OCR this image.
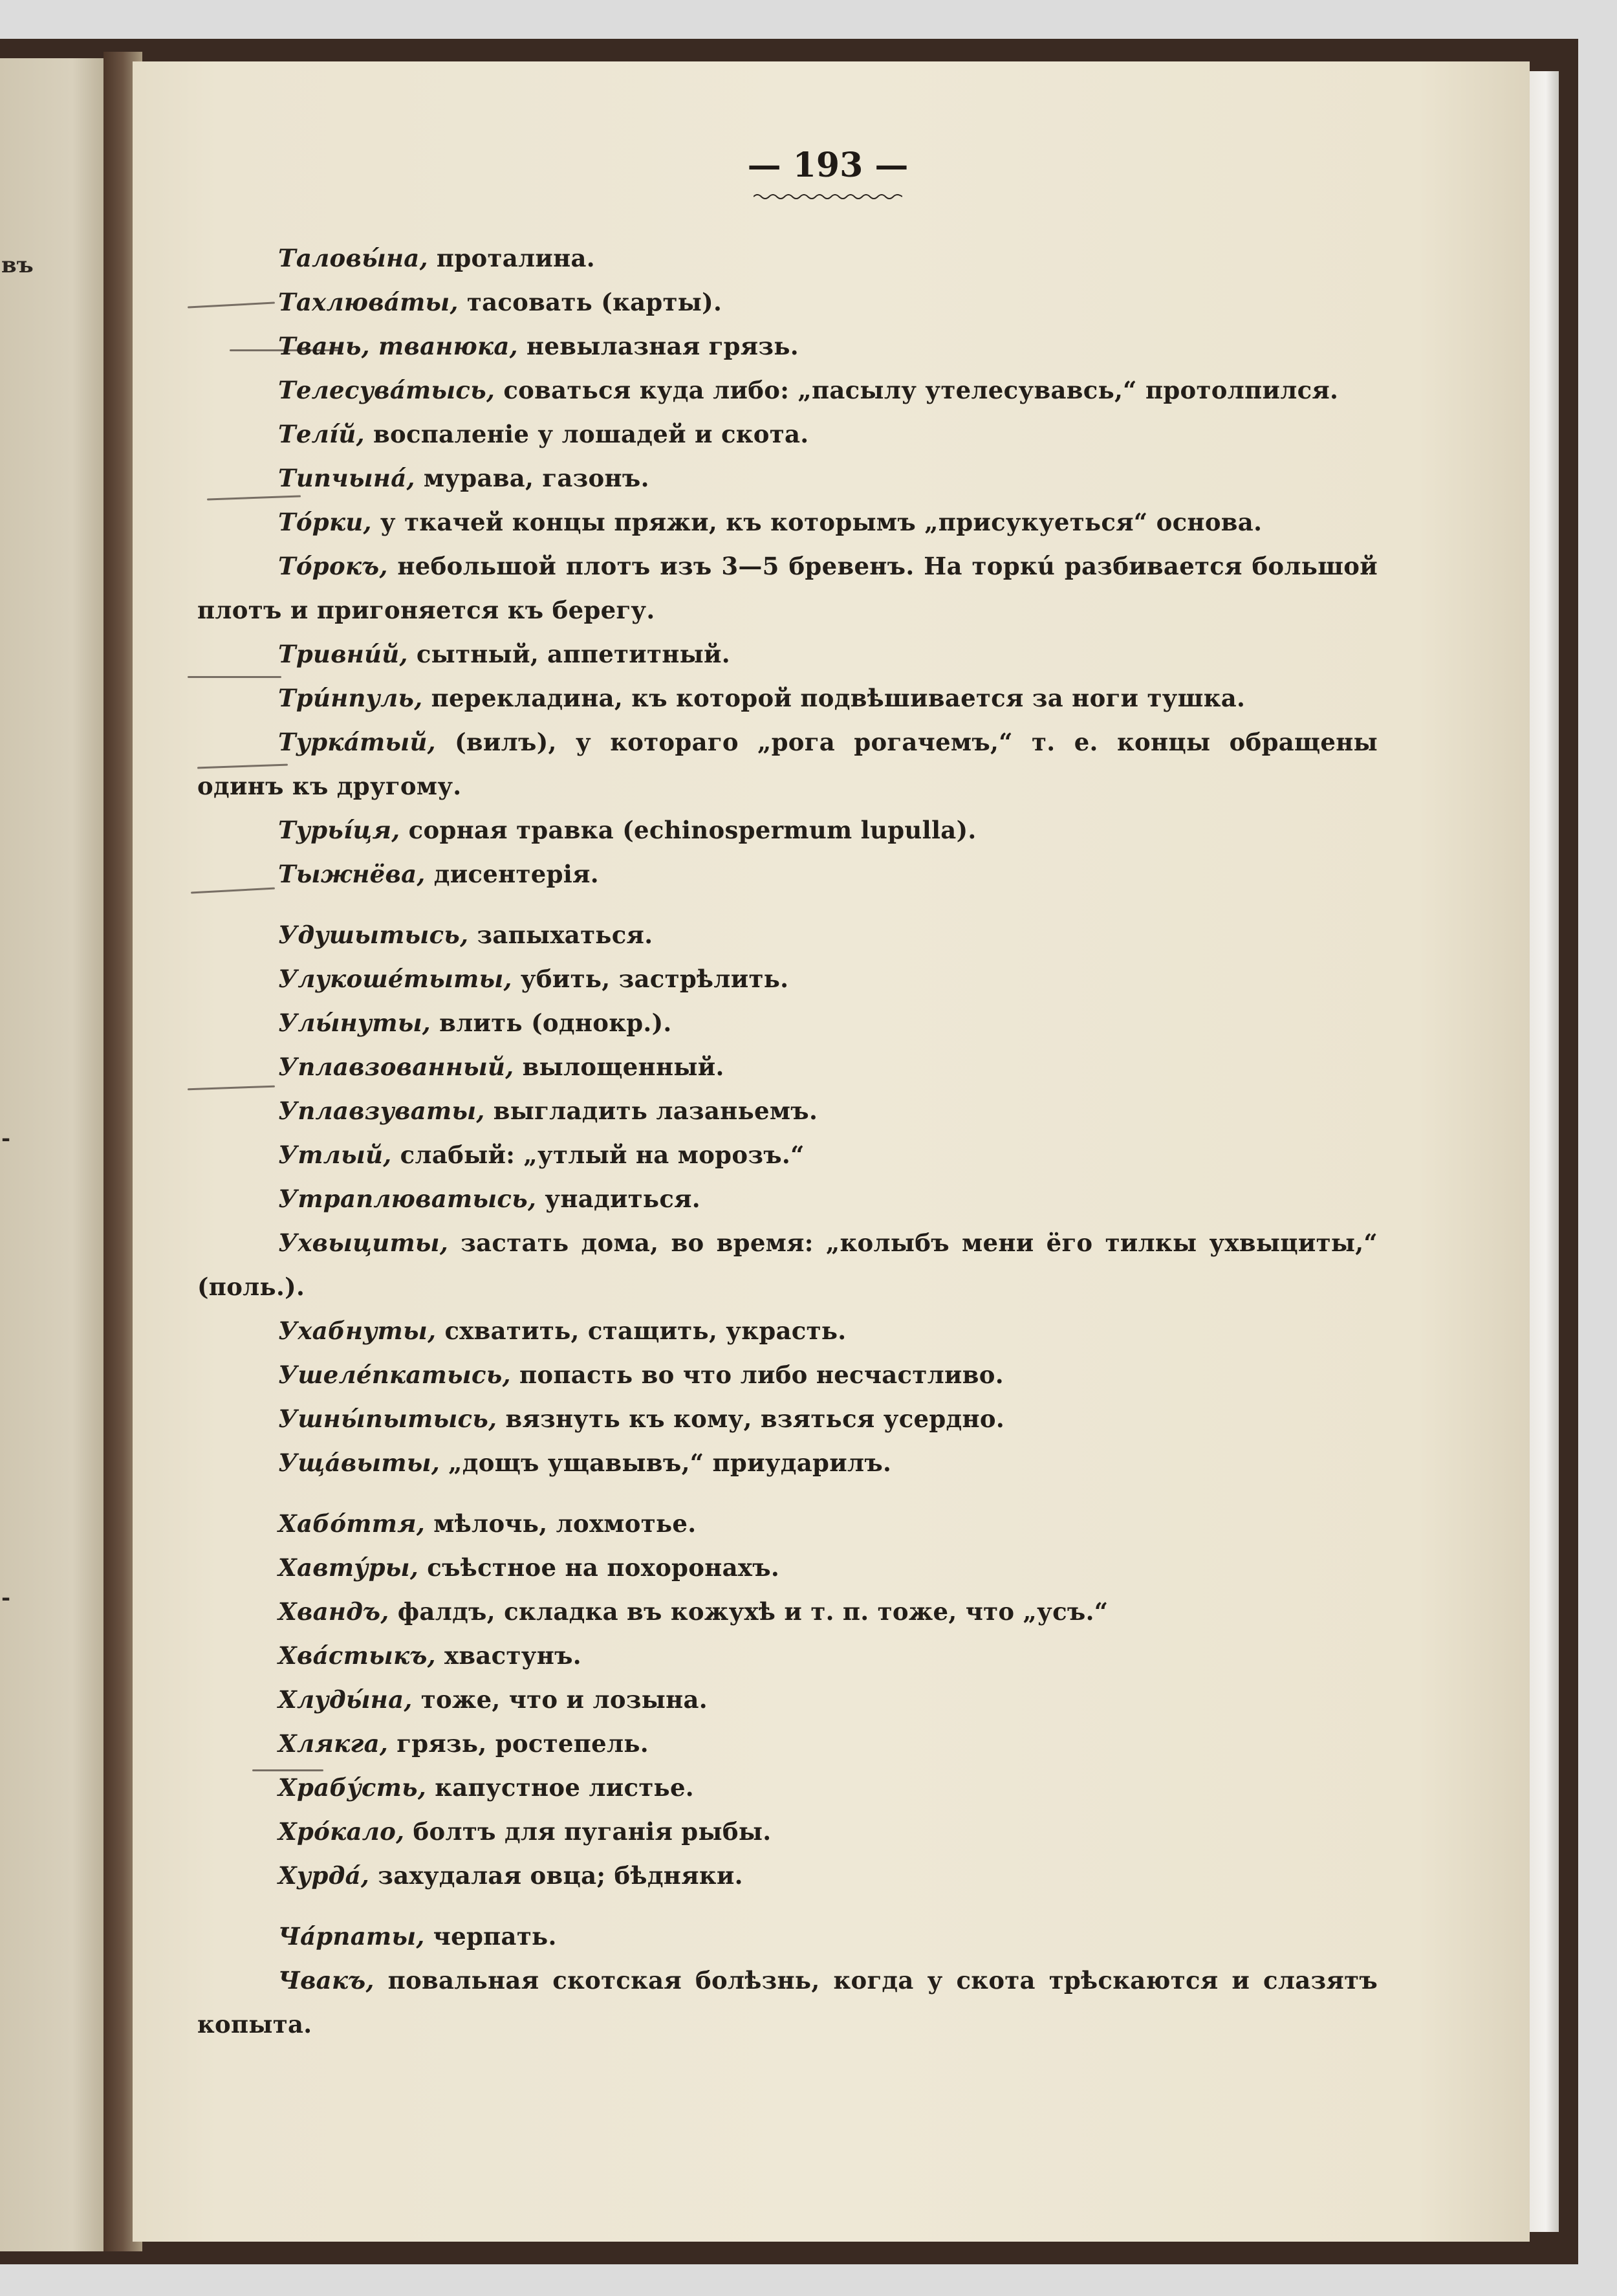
въ
-
-
— 193 —
Таловы́на, проталина.
Тахлюва́ты, тасовать (карты).
Твань, тванюка, невылазная грязь.
Телесува́тысь, соваться куда либо: „пасылу утелесувавсь,“ протолпился.
Телі́й, воспаленіе у лошадей и скота.
Типчына́, мурава, газонъ.
То́рки, у ткачей концы пряжи, къ которымъ „присукуеться“ основа.
То́рокъ, небольшой плотъ изъ 3—5 бревенъ. На торкú разбивается большой плотъ и пригоняется къ берегу.
Тривни́й, сытный, аппетитный.
Три́нпуль, перекладина, къ которой подвѣшивается за ноги тушка.
Турка́тый, (вилъ), у котораго „рога рогачемъ,“ т. е. концы обращены одинъ къ другому.
Турьíця, сорная травка (echinospermum lupulla).
Тыжнёва, дисентерія.
Удушытысь, запыхаться.
Улукоше́тыты, убить, застрѣлить.
Улы́нуты, влить (однокр.).
Уплавзованный, вылощенный.
Уплавзуваты, выгладить лазаньемъ.
Утлый, слабый: „утлый на морозъ.“
Утраплюватысь, унадиться.
Ухвыциты, застать дома, во время: „колыбъ мени ёго тилкы ухвыциты,“ (поль.).
Ухабнуты, схватить, стащить, украсть.
Ушеле́пкатысь, попасть во что либо несчастливо.
Ушны́пытысь, вязнуть къ кому, взяться усердно.
Ущáвыты, „дощъ ущавывъ,“ приударилъ.
Хабо́ття, мѣлочь, лохмотье.
Хавту́ры, съѣстное на похоронахъ.
Хвандъ, фалдъ, складка въ кожухѣ и т. п. тоже, что „усъ.“
Хва́стыкъ, хвастунъ.
Хлуды́на, тоже, что и лозына.
Хлякга, грязь, ростепель.
Храбу́сть, капустное листье.
Хро́кало, болтъ для пуганія рыбы.
Хурда́, захудалая овца; бѣдняки.
Ча́рпаты, черпать.
Чвакъ, повальная скотская болѣзнь, когда у скота трѣскаются и слазятъ копыта.
